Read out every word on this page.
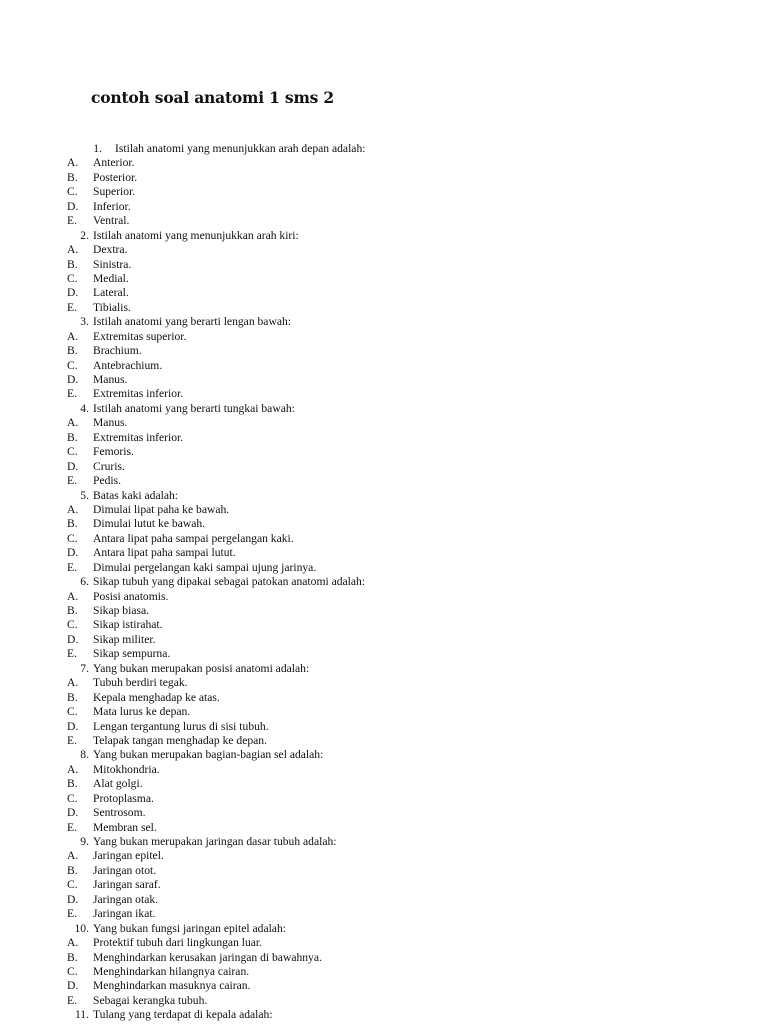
contoh soal anatomi 1 sms 2
1. Istilah anatomi yang menunjukkan arah depan adalah:
A. Anterior.
B. Posterior.
C. Superior.
D. Inferior.
E. Ventral.
2. Istilah anatomi yang menunjukkan arah kiri:
A. Dextra.
B. Sinistra.
C. Medial.
D. Lateral.
E. Tibialis.
3. Istilah anatomi yang berarti lengan bawah:
A. Extremitas superior.
B. Brachium.
C. Antebrachium.
D. Manus.
E. Extremitas inferior.
4. Istilah anatomi yang berarti tungkai bawah:
A. Manus.
B. Extremitas inferior.
C. Femoris.
D. Cruris.
E. Pedis.
5. Batas kaki adalah:
A. Dimulai lipat paha ke bawah.
B. Dimulai lutut ke bawah.
C. Antara lipat paha sampai pergelangan kaki.
D. Antara lipat paha sampai lutut.
E. Dimulai pergelangan kaki sampai ujung jarinya.
6. Sikap tubuh yang dipakai sebagai patokan anatomi adalah:
A. Posisi anatomis.
B. Sikap biasa.
C. Sikap istirahat.
D. Sikap militer.
E. Sikap sempurna.
7. Yang bukan merupakan posisi anatomi adalah:
A. Tubuh berdiri tegak.
B. Kepala menghadap ke atas.
C. Mata lurus ke depan.
D. Lengan tergantung lurus di sisi tubuh.
E. Telapak tangan menghadap ke depan.
8. Yang bukan merupakan bagian-bagian sel adalah:
A. Mitokhondria.
B. Alat golgi.
C. Protoplasma.
D. Sentrosom.
E. Membran sel.
9. Yang bukan merupakan jaringan dasar tubuh adalah:
A. Jaringan epitel.
B. Jaringan otot.
C. Jaringan saraf.
D. Jaringan otak.
E. Jaringan ikat.
10. Yang bukan fungsi jaringan epitel adalah:
A. Protektif tubuh dari lingkungan luar.
B. Menghindarkan kerusakan jaringan di bawahnya.
C. Menghindarkan hilangnya cairan.
D. Menghindarkan masuknya cairan.
E. Sebagai kerangka tubuh.
11. Tulang yang terdapat di kepala adalah:
